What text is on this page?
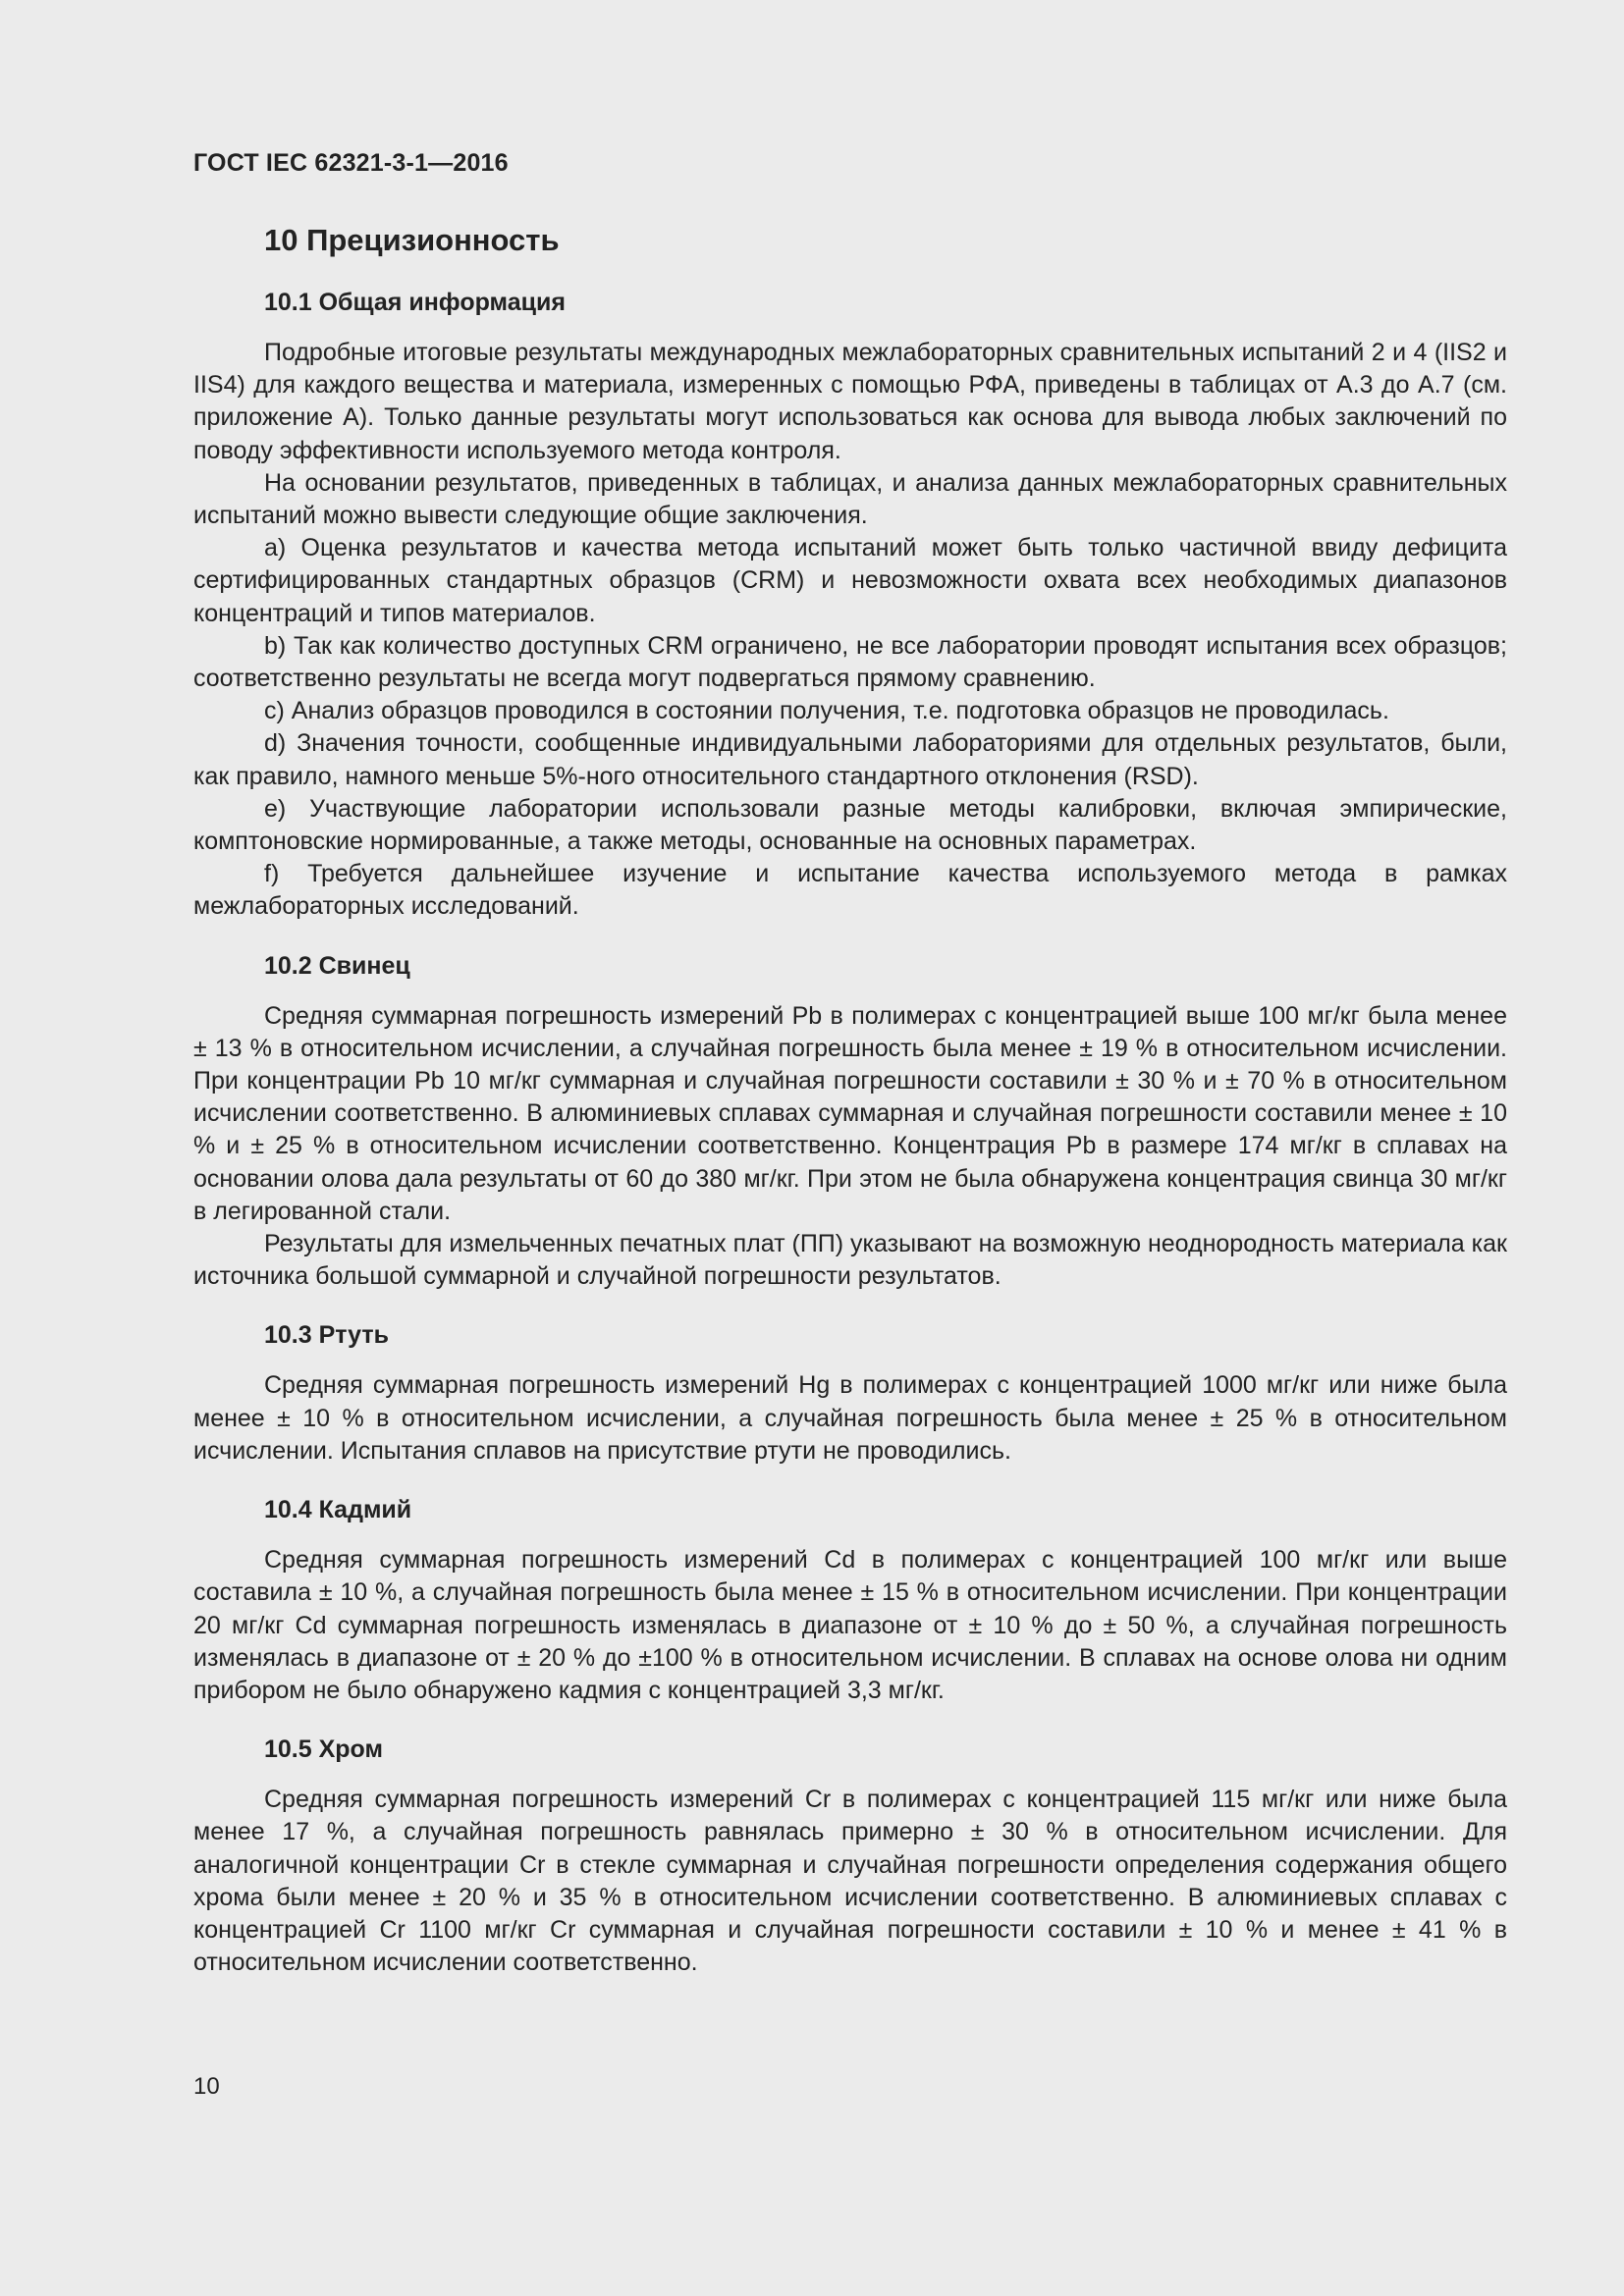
ГОСТ IEC 62321-3-1—2016
10 Прецизионность
10.1 Общая информация

Подробные итоговые результаты международных межлабораторных сравнительных испытаний 2 и 4 (IIS2 и IIS4) для каждого вещества и материала, измеренных с помощью РФА, приведены в таблицах от А.3 до А.7 (см. приложение А). Только данные результаты могут использоваться как основа для вывода любых заключений по поводу эффективности используемого метода контроля.

На основании результатов, приведенных в таблицах, и анализа данных межлабораторных сравнительных испытаний можно вывести следующие общие заключения.

a) Оценка результатов и качества метода испытаний может быть только частичной ввиду дефицита сертифицированных стандартных образцов (CRM) и невозможности охвата всех необходимых диапазонов концентраций и типов материалов.

b) Так как количество доступных CRM ограничено, не все лаборатории проводят испытания всех образцов; соответственно результаты не всегда могут подвергаться прямому сравнению.

c) Анализ образцов проводился в состоянии получения, т.е. подготовка образцов не проводилась.

d) Значения точности, сообщенные индивидуальными лабораториями для отдельных результатов, были, как правило, намного меньше 5%-ного относительного стандартного отклонения (RSD).

e) Участвующие лаборатории использовали разные методы калибровки, включая эмпирические, комптоновские нормированные, а также методы, основанные на основных параметрах.

f) Требуется дальнейшее изучение и испытание качества используемого метода в рамках межлабораторных исследований.

10.2 Свинец

Средняя суммарная погрешность измерений Pb в полимерах с концентрацией выше 100 мг/кг была менее ± 13 % в относительном исчислении, а случайная погрешность была менее ± 19 % в относительном исчислении. При концентрации Pb 10 мг/кг суммарная и случайная погрешности составили ± 30 % и ± 70 % в относительном исчислении соответственно. В алюминиевых сплавах суммарная и случайная погрешности составили менее ± 10 % и ± 25 % в относительном исчислении соответственно. Концентрация Pb в размере 174 мг/кг в сплавах на основании олова дала результаты от 60 до 380 мг/кг. При этом не была обнаружена концентрация свинца 30 мг/кг в легированной стали.

Результаты для измельченных печатных плат (ПП) указывают на возможную неоднородность материала как источника большой суммарной и случайной погрешности результатов.

10.3 Ртуть

Средняя суммарная погрешность измерений Hg в полимерах с концентрацией 1000 мг/кг или ниже была менее ± 10 % в относительном исчислении, а случайная погрешность была менее ± 25 % в относительном исчислении. Испытания сплавов на присутствие ртути не проводились.

10.4 Кадмий

Средняя суммарная погрешность измерений Cd в полимерах с концентрацией 100 мг/кг или выше составила ± 10 %, а случайная погрешность была менее ± 15 % в относительном исчислении. При концентрации 20 мг/кг Cd суммарная погрешность изменялась в диапазоне от ± 10 % до ± 50 %, а случайная погрешность изменялась в диапазоне от ± 20 % до ±100 % в относительном исчислении. В сплавах на основе олова ни одним прибором не было обнаружено кадмия с концентрацией 3,3 мг/кг.

10.5 Хром

Средняя суммарная погрешность измерений Cr в полимерах с концентрацией 115 мг/кг или ниже была менее 17 %, а случайная погрешность равнялась примерно ± 30 % в относительном исчислении. Для аналогичной концентрации Cr в стекле суммарная и случайная погрешности определения содержания общего хрома были менее ± 20 % и 35 % в относительном исчислении соответственно. В алюминиевых сплавах с концентрацией Cr 1100 мг/кг Cr суммарная и случайная погрешности составили ± 10 % и менее ± 41 % в относительном исчислении соответственно.

10
